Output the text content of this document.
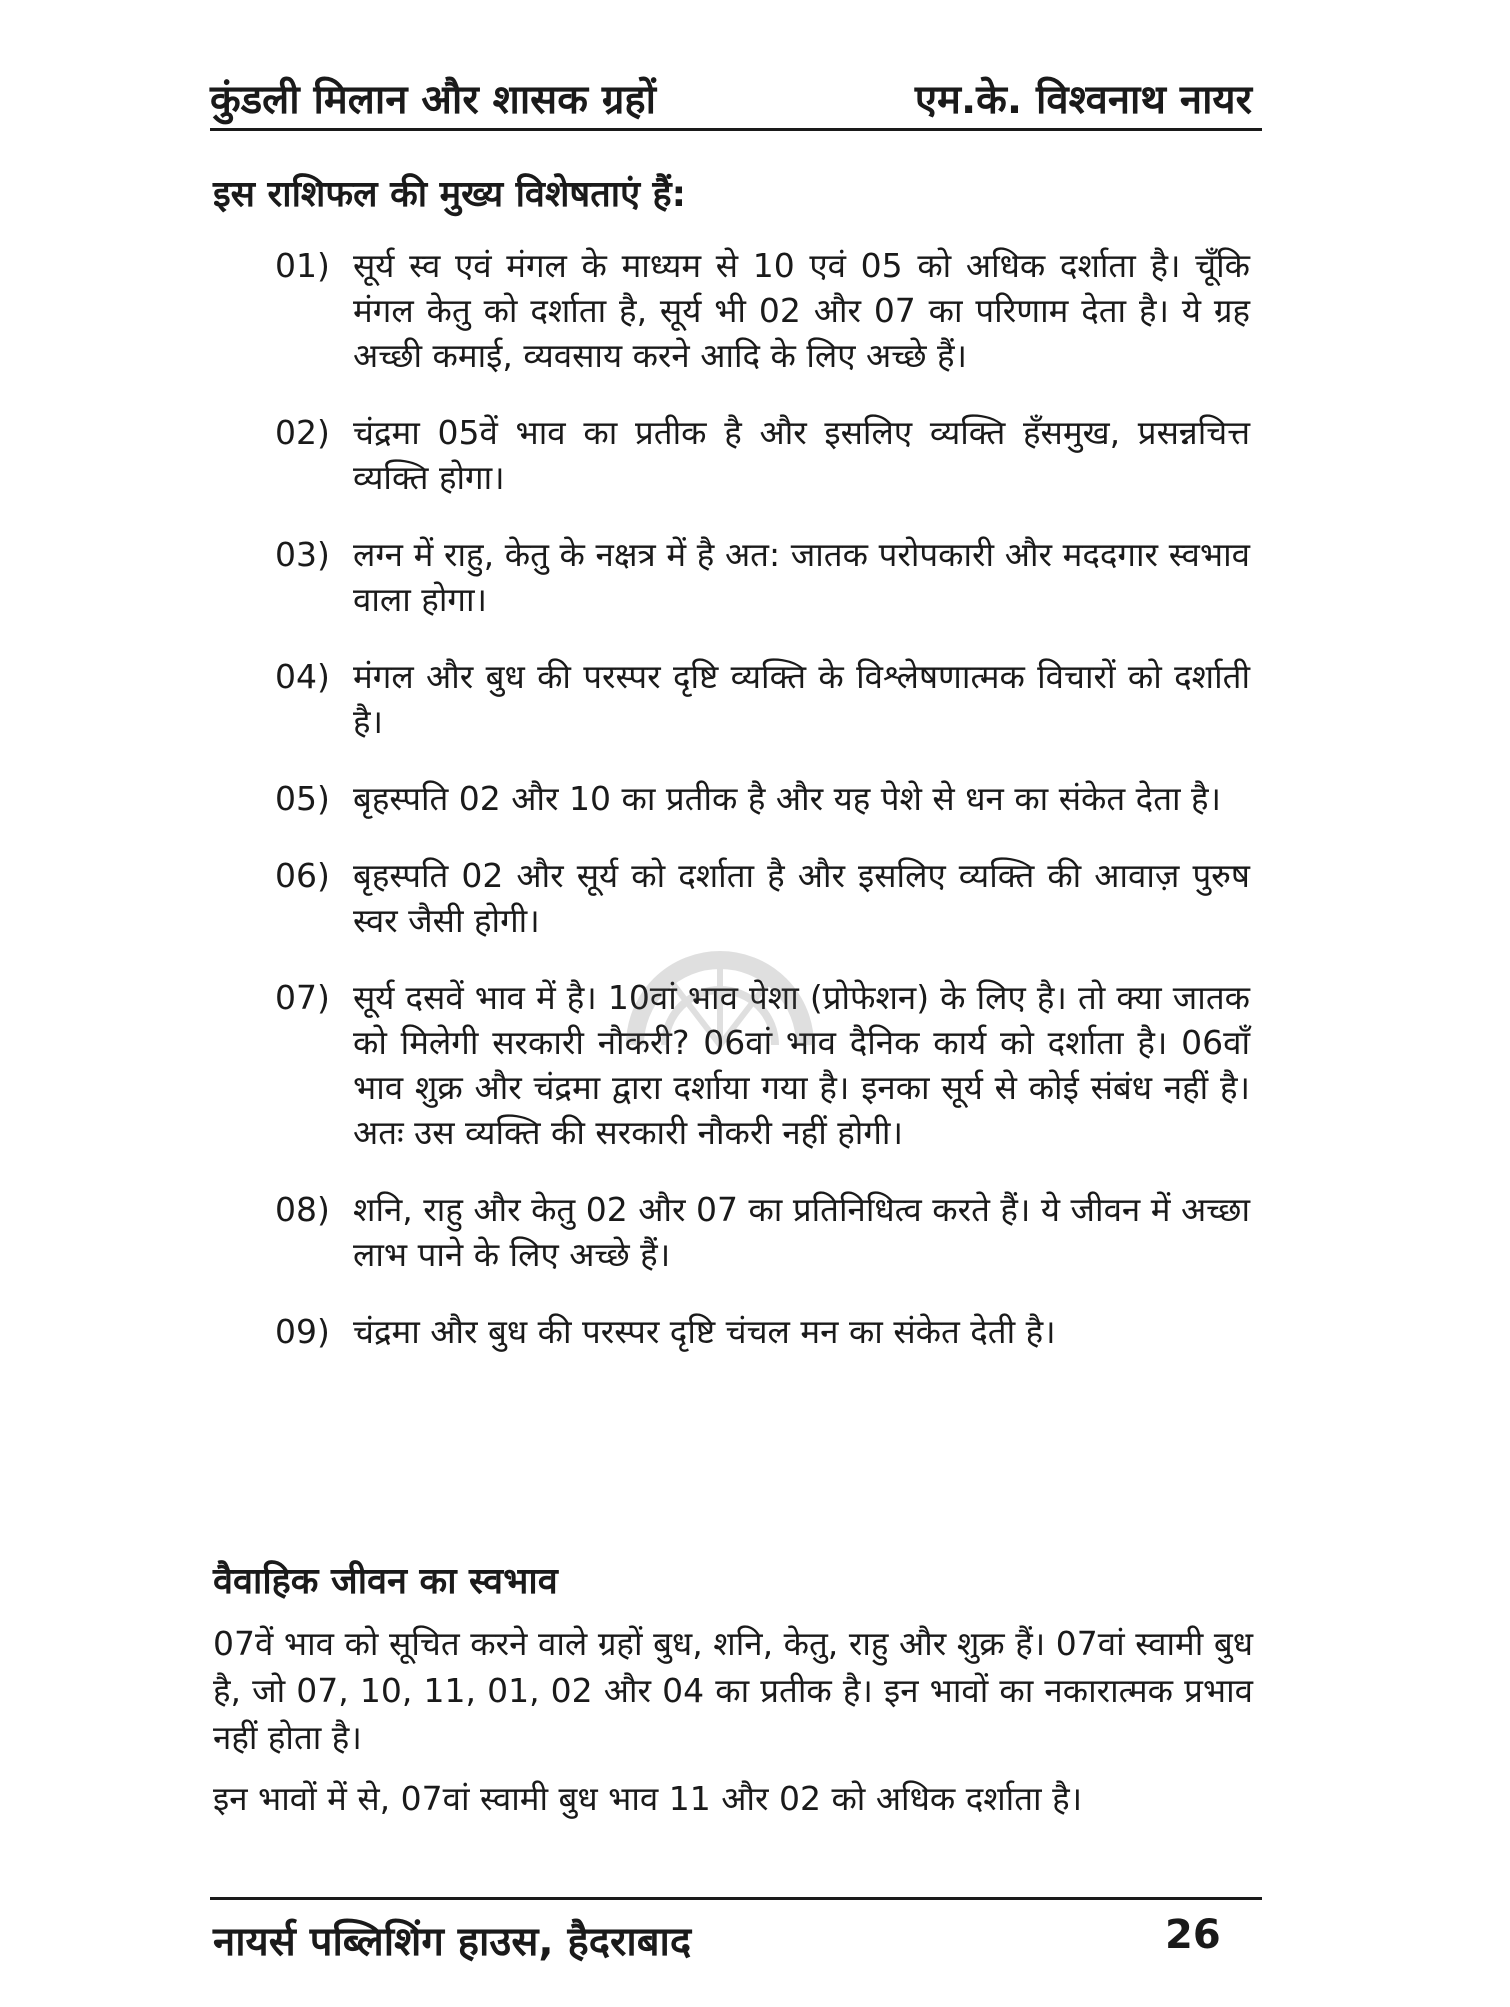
कुंडली मिलान और शासक ग्रहों	एम.के. विश्वनाथ नायर
इस राशिफल की मुख्य विशेषताएं हैं:
01) सूर्य स्व एवं मंगल के माध्यम से 10 एवं 05 को अधिक दर्शाता है। चूँकि मंगल केतु को दर्शाता है, सूर्य भी 02 और 07 का परिणाम देता है। ये ग्रह अच्छी कमाई, व्यवसाय करने आदि के लिए अच्छे हैं।
02) चंद्रमा 05वें भाव का प्रतीक है और इसलिए व्यक्ति हँसमुख, प्रसन्नचित्त व्यक्ति होगा।
03) लग्न में राहु, केतु के नक्षत्र में है अत: जातक परोपकारी और मददगार स्वभाव वाला होगा।
04) मंगल और बुध की परस्पर दृष्टि व्यक्ति के विश्लेषणात्मक विचारों को दर्शाती है।
05) बृहस्पति 02 और 10 का प्रतीक है और यह पेशे से धन का संकेत देता है।
06) बृहस्पति 02 और सूर्य को दर्शाता है और इसलिए व्यक्ति की आवाज़ पुरुष स्वर जैसी होगी।
07) सूर्य दसवें भाव में है। 10वां भाव पेशा (प्रोफेशन) के लिए है। तो क्या जातक को मिलेगी सरकारी नौकरी? 06वां भाव दैनिक कार्य को दर्शाता है। 06वाँ भाव शुक्र और चंद्रमा द्वारा दर्शाया गया है। इनका सूर्य से कोई संबंध नहीं है। अतः उस व्यक्ति की सरकारी नौकरी नहीं होगी।
08) शनि, राहु और केतु 02 और 07 का प्रतिनिधित्व करते हैं। ये जीवन में अच्छा लाभ पाने के लिए अच्छे हैं।
09) चंद्रमा और बुध की परस्पर दृष्टि चंचल मन का संकेत देती है।
वैवाहिक जीवन का स्वभाव

07वें भाव को सूचित करने वाले ग्रहों बुध, शनि, केतु, राहु और शुक्र हैं। 07वां स्वामी बुध है, जो 07, 10, 11, 01, 02 और 04 का प्रतीक है। इन भावों का नकारात्मक प्रभाव नहीं होता है।

इन भावों में से, 07वां स्वामी बुध भाव 11 और 02 को अधिक दर्शाता है।

नायर्स पब्लिशिंग हाउस, हैदराबाद	26
